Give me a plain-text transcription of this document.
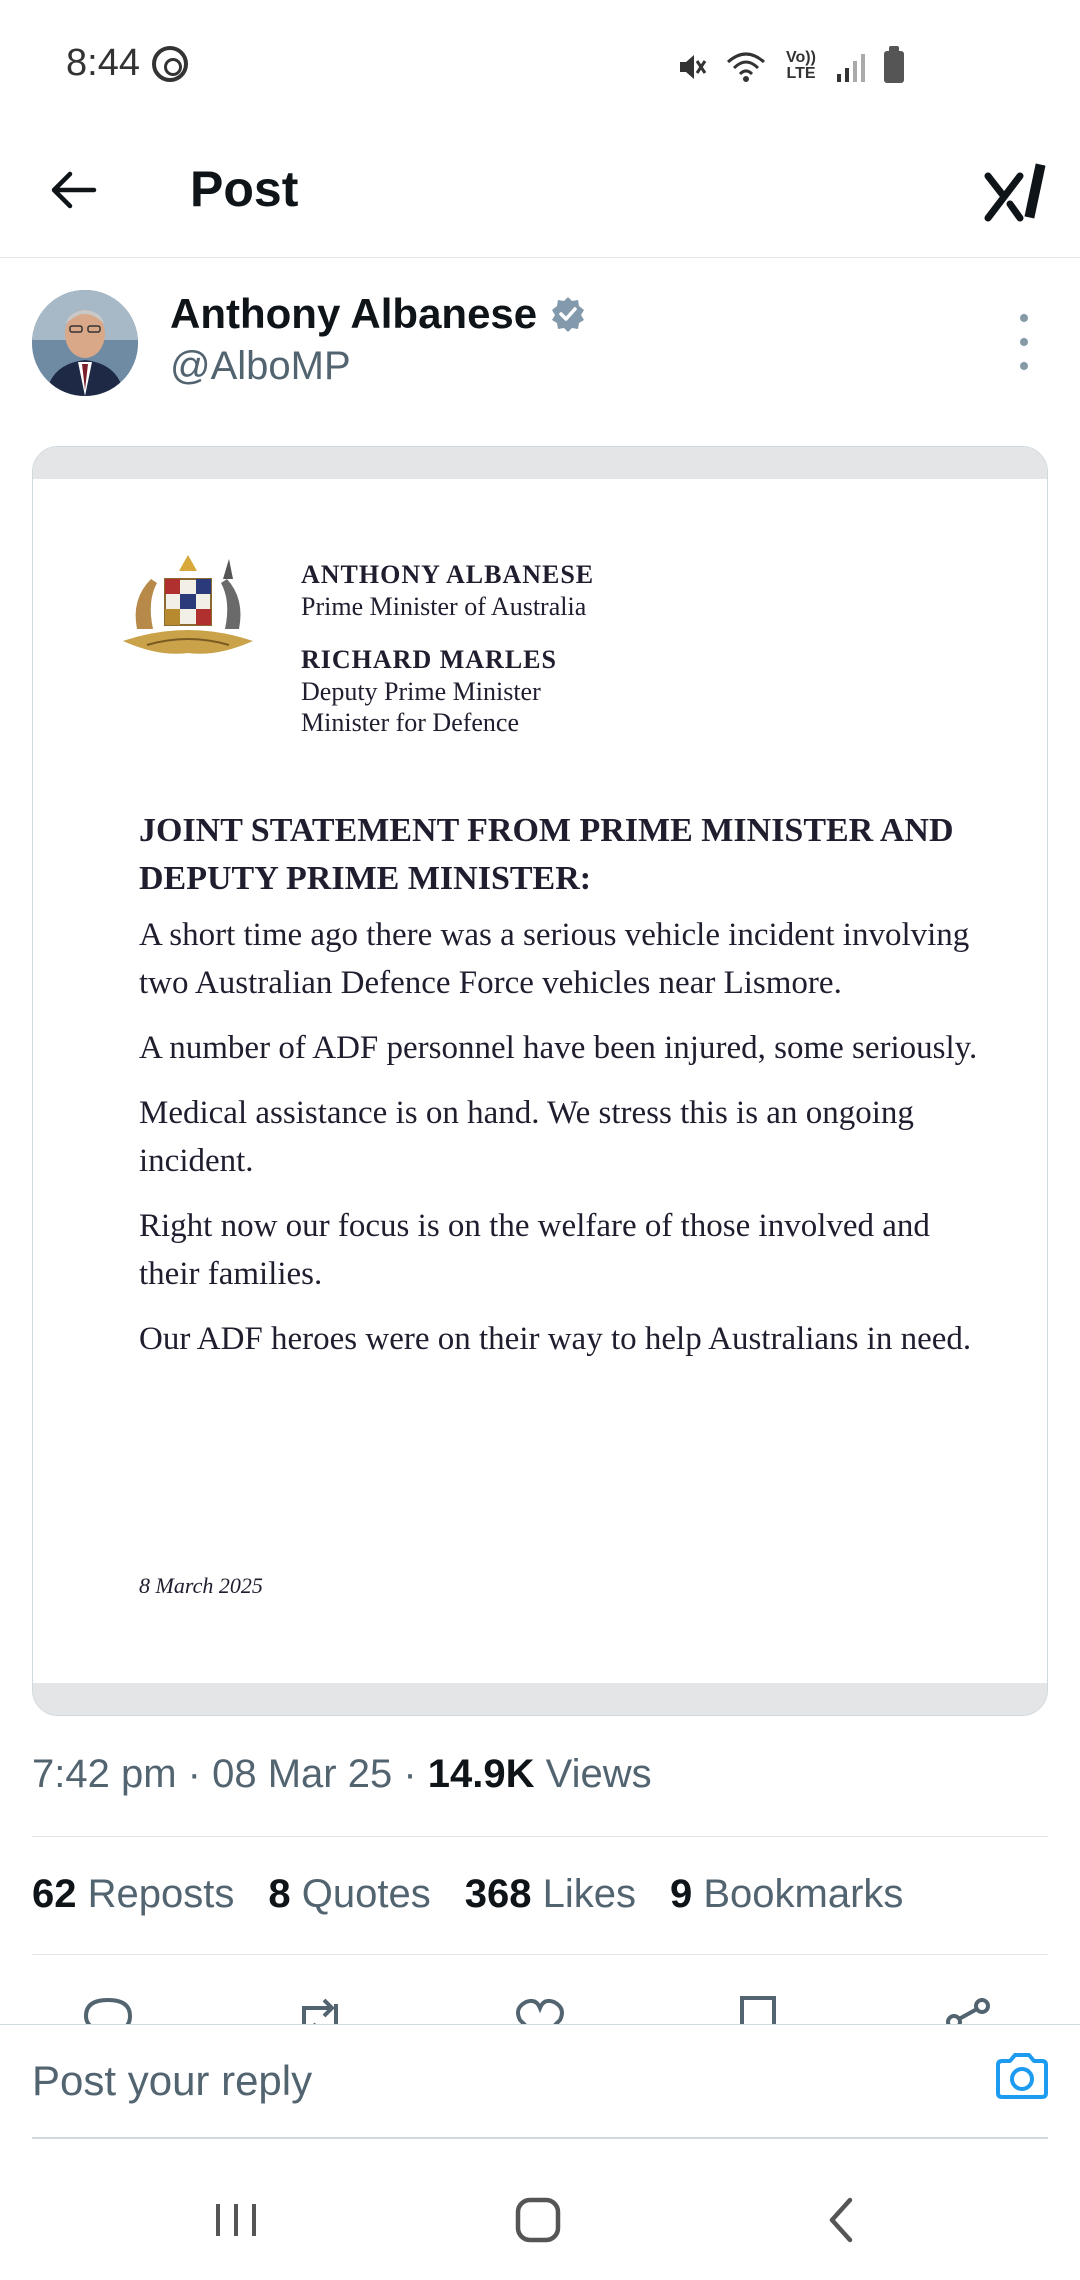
8:44	Vo)) LTE
Post
Anthony Albanese
@AlboMP
ANTHONY ALBANESE
Prime Minister of Australia
RICHARD MARLES
Deputy Prime Minister
Minister for Defence
JOINT STATEMENT FROM PRIME MINISTER AND DEPUTY PRIME MINISTER:

A short time ago there was a serious vehicle incident involving two Australian Defence Force vehicles near Lismore.

A number of ADF personnel have been injured, some seriously.

Medical assistance is on hand. We stress this is an ongoing incident.

Right now our focus is on the welfare of those involved and their families.

Our ADF heroes were on their way to help Australians in need.

8 March 2025
7:42 pm · 08 Mar 25 · 14.9K Views
62 Reposts 8 Quotes 368 Likes 9 Bookmarks
Post your reply
